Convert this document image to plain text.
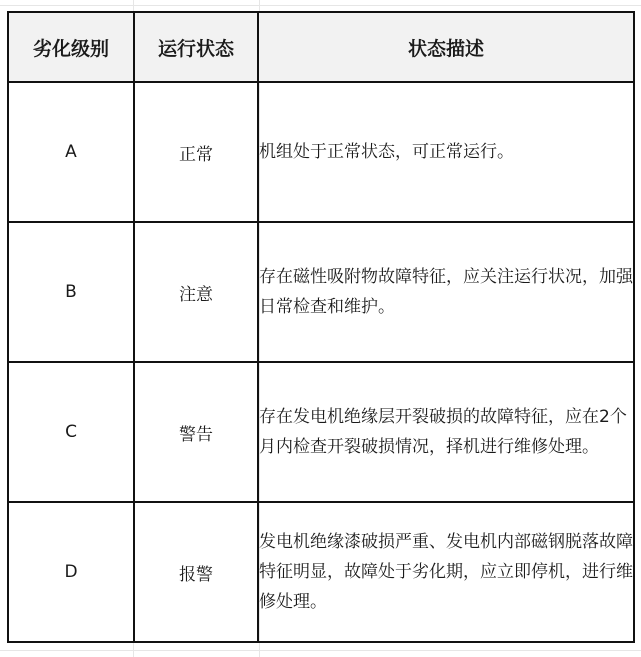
劣化级别	运行状态	状态描述
A	正常	机组处于正常状态，可正常运行。
B	注意	存在磁性吸附物故障特征，应关注运行状况，加强日常检查和维护。
C	警告	存在发电机绝缘层开裂破损的故障特征，应在2个月内检查开裂破损情况，择机进行维修处理。
D	报警	发电机绝缘漆破损严重、发电机内部磁钢脱落故障特征明显，故障处于劣化期，应立即停机，进行维修处理。
